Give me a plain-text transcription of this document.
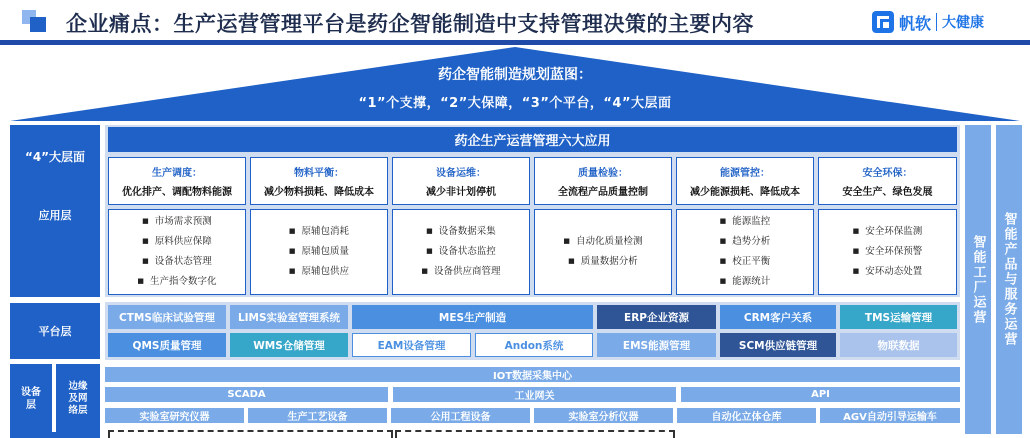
企业痛点：生产运营管理平台是药企智能制造中支持管理决策的主要内容	帆软 大健康
药企智能制造规划蓝图：
“1”个支撑，“2”大保障，“3”个平台，“4”大层面
“4”大层面
应用层
平台层
设备层
边缘及网络层
药企生产运营管理六大应用
生产调度：
优化排产、调配物料能源
物料平衡：
减少物料损耗、降低成本
设备运维：
减少非计划停机
质量检验：
全流程产品质量控制
能源管控：
减少能源损耗、降低成本
安全环保：
安全生产、绿色发展
■ 市场需求预测
■ 原料供应保障
■ 设备状态管理
■ 生产指令数字化
■ 原辅包消耗
■ 原辅包质量
■ 原辅包供应
■ 设备数据采集
■ 设备状态监控
■ 设备供应商管理
■ 自动化质量检测
■ 质量数据分析
■ 能源监控
■ 趋势分析
■ 校正平衡
■ 能源统计
■ 安全环保监测
■ 安全环保预警
■ 安环动态处置
CTMS临床试验管理	LIMS实验室管理系统	MES生产制造	ERP企业资源	CRM客户关系	TMS运输管理
QMS质量管理	WMS仓储管理	EAM设备管理	Andon系统	EMS能源管理	SCM供应链管理	物联数据
IOT数据采集中心
SCADA	工业网关	API
实验室研究仪器	生产工艺设备	公用工程设备	实验室分析仪器	自动化立体仓库	AGV自动引导运输车
智能工厂运营 智能产品与服务运营
